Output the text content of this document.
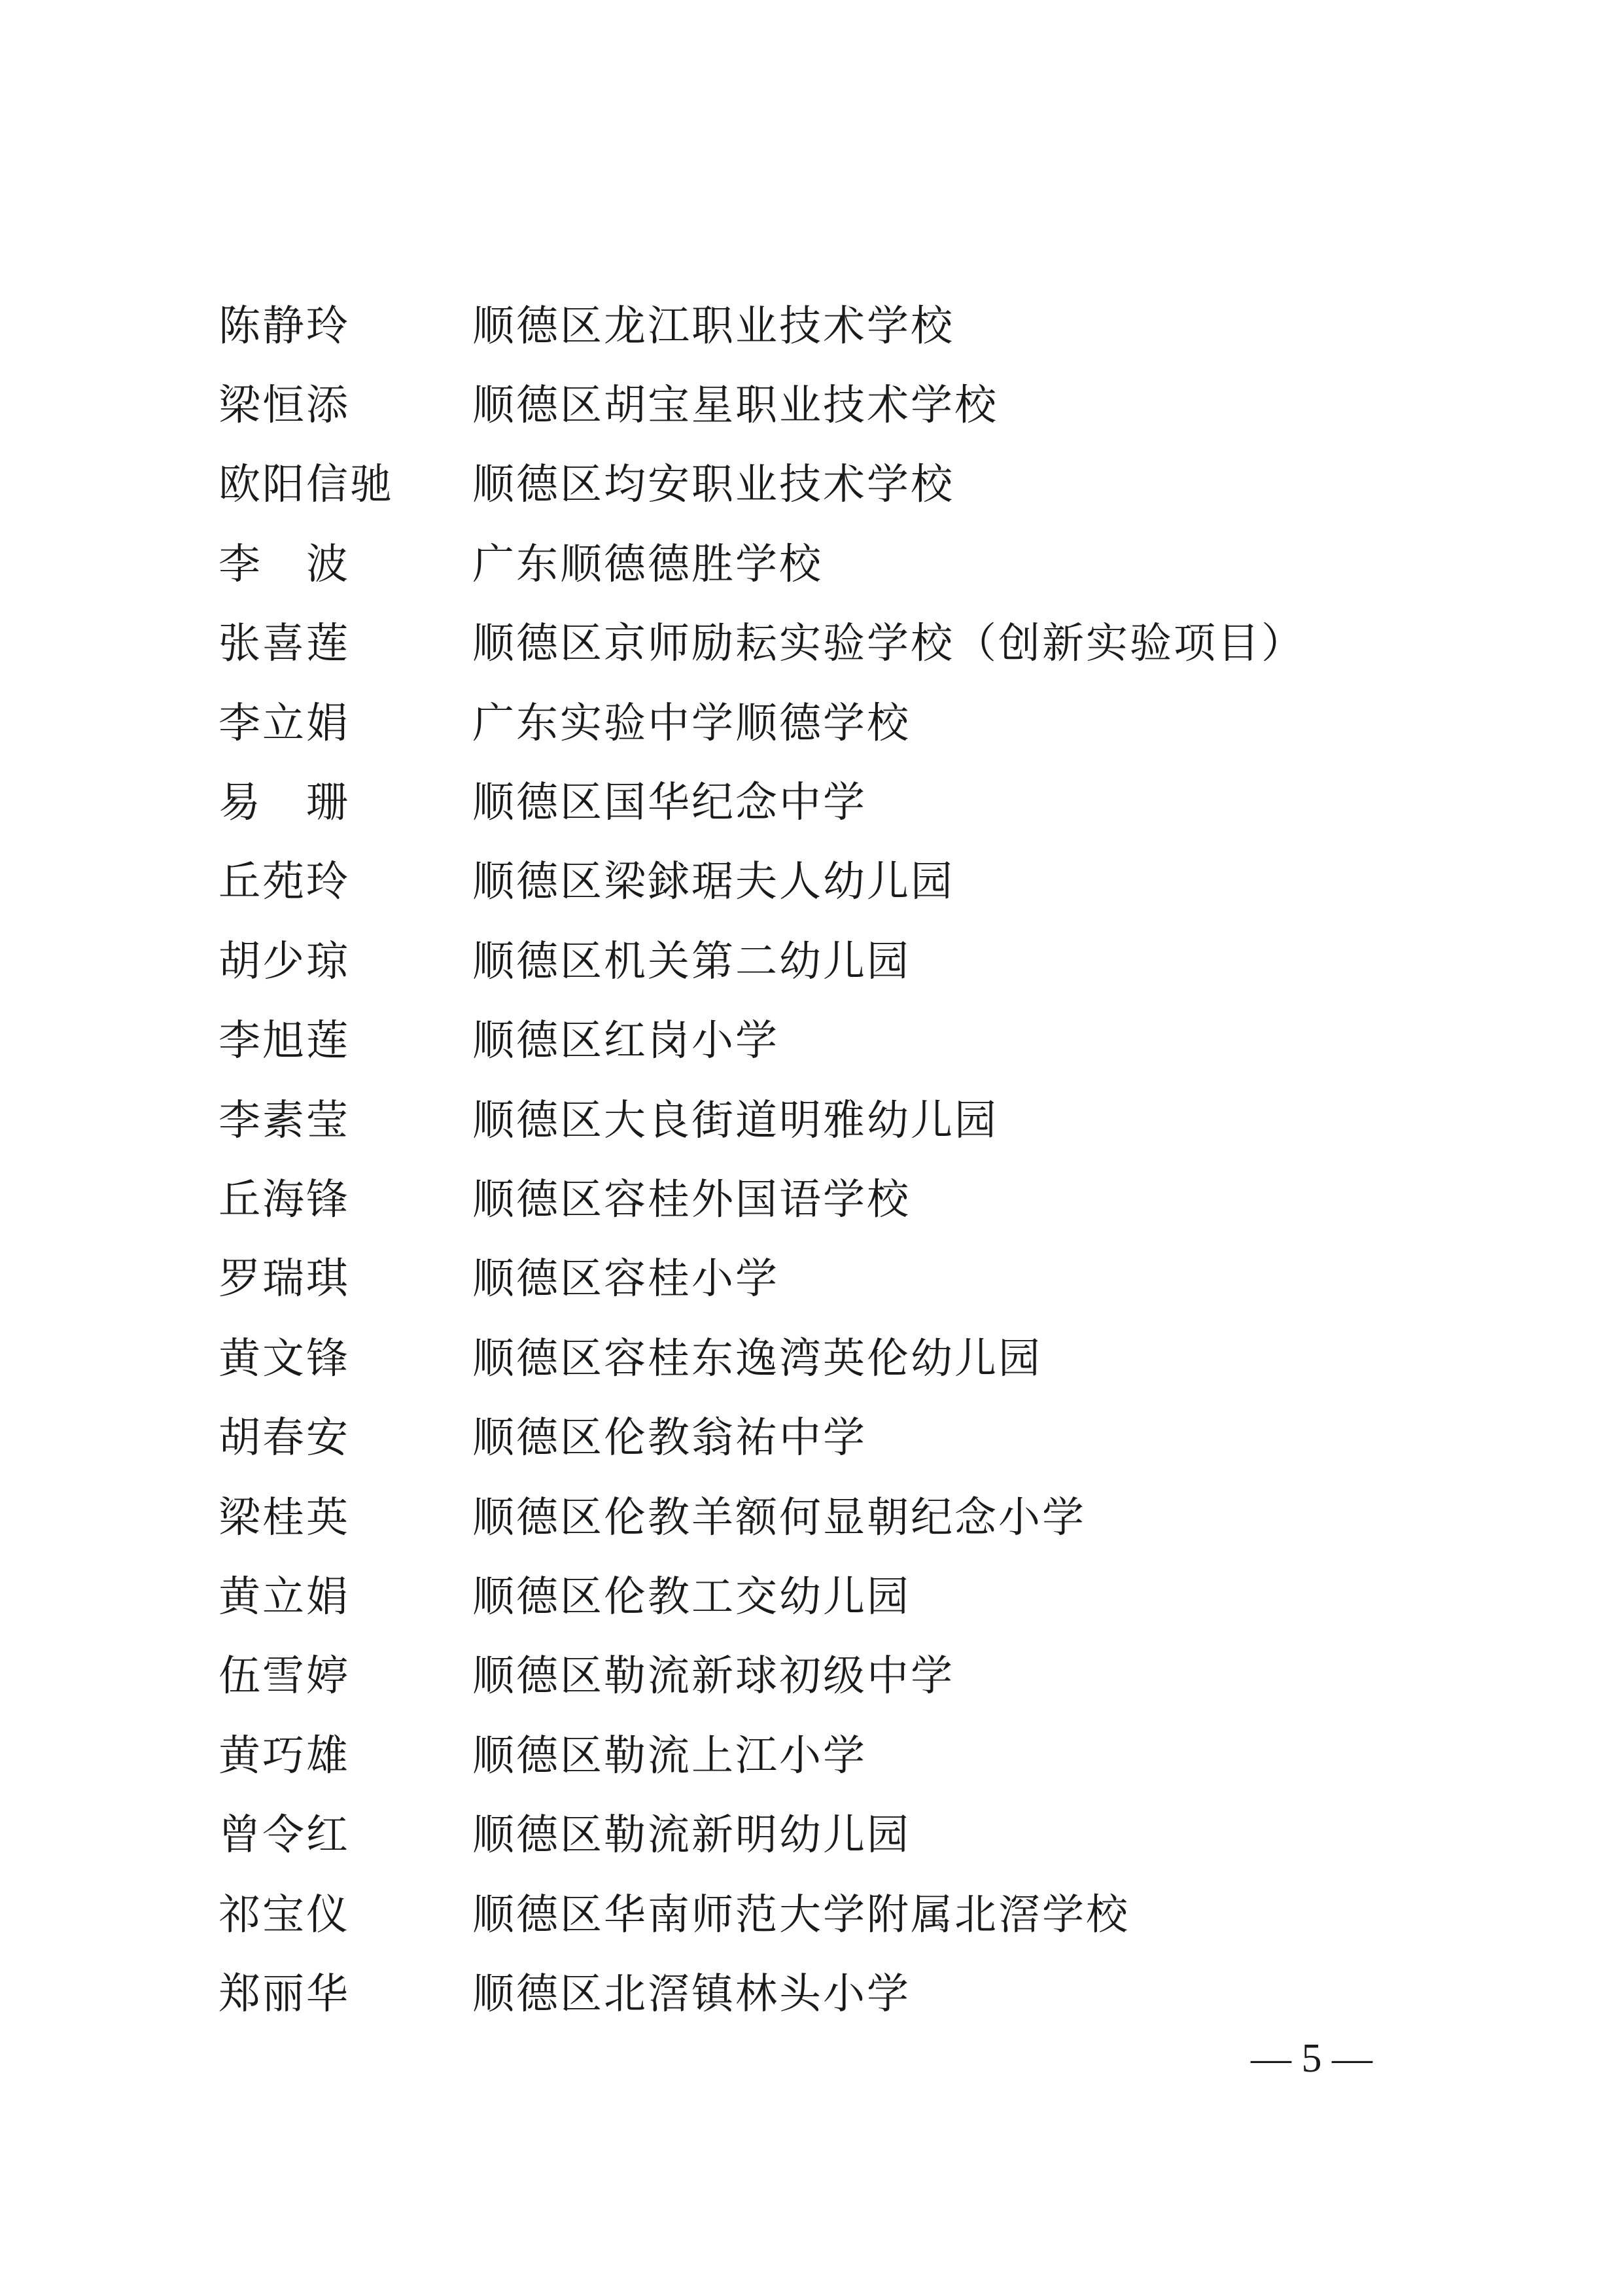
陈静玲	顺德区龙江职业技术学校
梁恒添	顺德区胡宝星职业技术学校
欧阳信驰	顺德区均安职业技术学校
李　波	广东顺德德胜学校
张喜莲	顺德区京师励耘实验学校（创新实验项目）
李立娟	广东实验中学顺德学校
易　珊	顺德区国华纪念中学
丘苑玲	顺德区梁銶琚夫人幼儿园
胡少琼	顺德区机关第二幼儿园
李旭莲	顺德区红岗小学
李素莹	顺德区大良街道明雅幼儿园
丘海锋	顺德区容桂外国语学校
罗瑞琪	顺德区容桂小学
黄文锋	顺德区容桂东逸湾英伦幼儿园
胡春安	顺德区伦教翁祐中学
梁桂英	顺德区伦教羊额何显朝纪念小学
黄立娟	顺德区伦教工交幼儿园
伍雪婷	顺德区勒流新球初级中学
黄巧雄	顺德区勒流上江小学
曾令红	顺德区勒流新明幼儿园
祁宝仪	顺德区华南师范大学附属北滘学校
郑丽华	顺德区北滘镇林头小学
— 5 —
